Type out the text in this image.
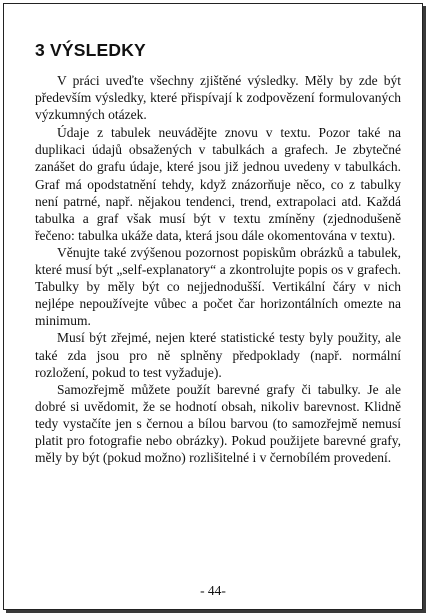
3 VÝSLEDKY

V práci uveďte všechny zjištěné výsledky. Měly by zde být především výsledky, které přispívají k zodpovězení formulovaných výzkumných otázek.

Údaje z tabulek neuvádějte znovu v textu. Pozor také na duplikaci údajů obsažených v tabulkách a grafech. Je zbytečné zanášet do grafu údaje, které jsou již jednou uvedeny v tabulkách. Graf má opodstatnění tehdy, když znázorňuje něco, co z tabulky není patrné, např. nějakou tendenci, trend, extrapolaci atd. Každá tabulka a graf však musí být v textu zmíněny (zjednodušeně řečeno: tabulka ukáže data, která jsou dále okomentována v textu).

Věnujte také zvýšenou pozornost popiskům obrázků a tabulek, které musí být „self-explanatory“ a zkontrolujte popis os v grafech. Tabulky by měly být co nejjednodušší. Vertikální čáry v nich nejlépe nepoužívejte vůbec a počet čar horizontálních omezte na minimum.

Musí být zřejmé, nejen které statistické testy byly použity, ale také zda jsou pro ně splněny předpoklady (např. normální rozložení, pokud to test vyžaduje).

Samozřejmě můžete použít barevné grafy či tabulky. Je ale dobré si uvědomit, že se hodnotí obsah, nikoliv barevnost. Klidně tedy vystačíte jen s černou a bílou barvou (to samozřejmě nemusí platit pro fotografie nebo obrázky). Pokud použijete barevné grafy, měly by být (pokud možno) rozlišitelné i v černobílém provedení.

- 44-
